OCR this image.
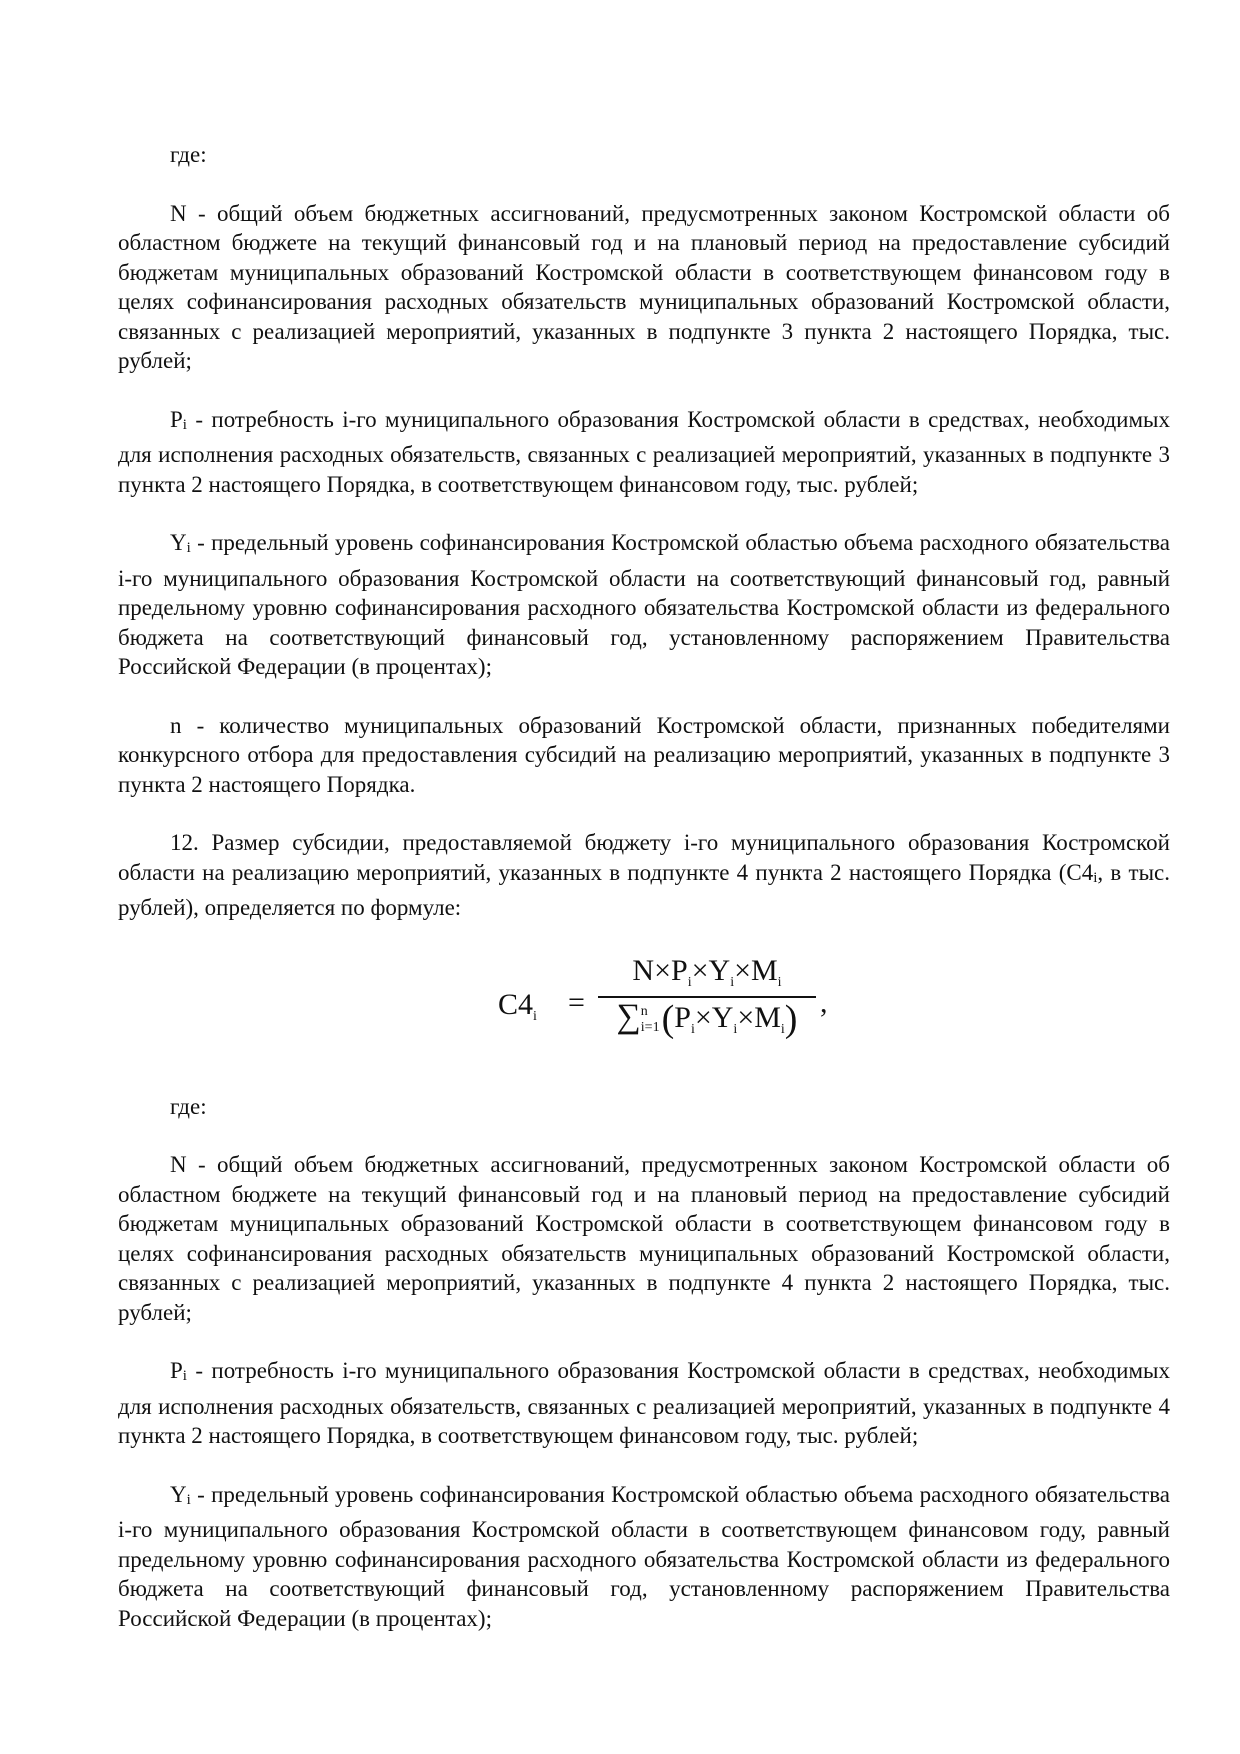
где:

N - общий объем бюджетных ассигнований, предусмотренных законом Костромской области об областном бюджете на текущий финансовый год и на плановый период на предоставление субсидий бюджетам муниципальных образований Костромской области в соответствующем финансовом году в целях софинансирования расходных обязательств муниципальных образований Костромской области, связанных с реализацией мероприятий, указанных в подпункте 3 пункта 2 настоящего Порядка, тыс. рублей;

Pi - потребность i-го муниципального образования Костромской области в средствах, необходимых для исполнения расходных обязательств, связанных с реализацией мероприятий, указанных в подпункте 3 пункта 2 настоящего Порядка, в соответствующем финансовом году, тыс. рублей;

Yi - предельный уровень софинансирования Костромской областью объема расходного обязательства i-го муниципального образования Костромской области на соответствующий финансовый год, равный предельному уровню софинансирования расходного обязательства Костромской области из федерального бюджета на соответствующий финансовый год, установленному распоряжением Правительства Российской Федерации (в процентах);

n - количество муниципальных образований Костромской области, признанных победителями конкурсного отбора для предоставления субсидий на реализацию мероприятий, указанных в подпункте 3 пункта 2 настоящего Порядка.

12. Размер субсидии, предоставляемой бюджету i-го муниципального образования Костромской области на реализацию мероприятий, указанных в подпункте 4 пункта 2 настоящего Порядка (С4i, в тыс. рублей), определяется по формуле:

$C4_i$ =
$N\times P_i\times Y_i\times M_i$
∑n
$i=1(P_i\times Y_i\times M_i)$ ,

где:

N - общий объем бюджетных ассигнований, предусмотренных законом Костромской области об областном бюджете на текущий финансовый год и на плановый период на предоставление субсидий бюджетам муниципальных образований Костромской области в соответствующем финансовом году в целях софинансирования расходных обязательств муниципальных образований Костромской области, связанных с реализацией мероприятий, указанных в подпункте 4 пункта 2 настоящего Порядка, тыс. рублей;

Pi - потребность i-го муниципального образования Костромской области в средствах, необходимых для исполнения расходных обязательств, связанных с реализацией мероприятий, указанных в подпункте 4 пункта 2 настоящего Порядка, в соответствующем финансовом году, тыс. рублей;

Yi - предельный уровень софинансирования Костромской областью объема расходного обязательства i-го муниципального образования Костромской области в соответствующем финансовом году, равный предельному уровню софинансирования расходного обязательства Костромской области из федерального бюджета на соответствующий финансовый год, установленному распоряжением Правительства Российской Федерации (в процентах);
